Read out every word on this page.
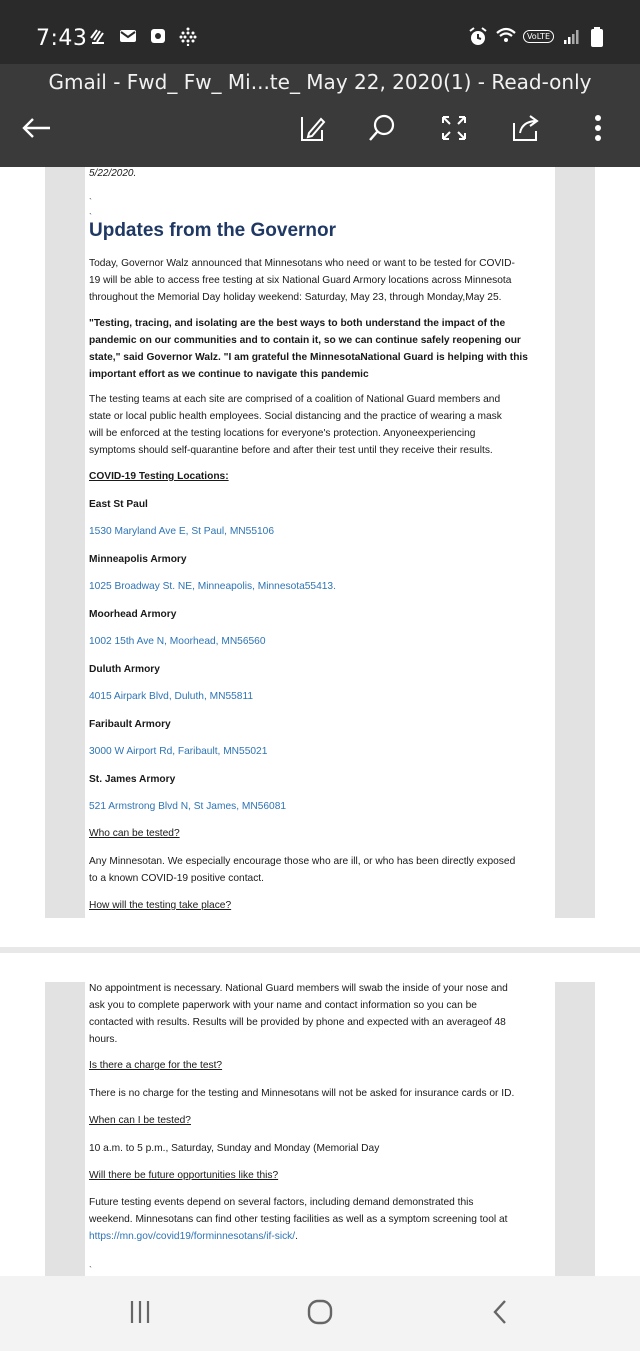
7:43	VoLTE
Gmail - Fwd_ Fw_ Mi...te_ May 22, 2020(1) - Read-only
5/22/2020.
`
`
Updates from the Governor
Today, Governor Walz announced that Minnesotans who need or want to be tested for COVID-
19 will be able to access free testing at six National Guard Armory locations across Minnesota
throughout the Memorial Day holiday weekend: Saturday, May 23, through Monday,May 25.
"Testing, tracing, and isolating are the best ways to both understand the impact of the
pandemic on our communities and to contain it, so we can continue safely reopening our
state," said Governor Walz. "I am grateful the MinnesotaNational Guard is helping with this
important effort as we continue to navigate this pandemic
The testing teams at each site are comprised of a coalition of National Guard members and
state or local public health employees. Social distancing and the practice of wearing a mask
will be enforced at the testing locations for everyone's protection. Anyoneexperiencing
symptoms should self-quarantine before and after their test until they receive their results.
COVID-19 Testing Locations:
East St Paul
1530 Maryland Ave E, St Paul, MN55106
Minneapolis Armory
1025 Broadway St. NE, Minneapolis, Minnesota55413.
Moorhead Armory
1002 15th Ave N, Moorhead, MN56560
Duluth Armory
4015 Airpark Blvd, Duluth, MN55811
Faribault Armory
3000 W Airport Rd, Faribault, MN55021
St. James Armory
521 Armstrong Blvd N, St James, MN56081
Who can be tested?
Any Minnesotan. We especially encourage those who are ill, or who has been directly exposed
to a known COVID-19 positive contact.
How will the testing take place?
No appointment is necessary. National Guard members will swab the inside of your nose and
ask you to complete paperwork with your name and contact information so you can be
contacted with results. Results will be provided by phone and expected with an averageof 48
hours.
Is there a charge for the test?
There is no charge for the testing and Minnesotans will not be asked for insurance cards or ID.
When can I be tested?
10 a.m. to 5 p.m., Saturday, Sunday and Monday (Memorial Day
Will there be future opportunities like this?
Future testing events depend on several factors, including demand demonstrated this
weekend. Minnesotans can find other testing facilities as well as a symptom screening tool at
https://mn.gov/covid19/forminnesotans/if-sick/.
`
